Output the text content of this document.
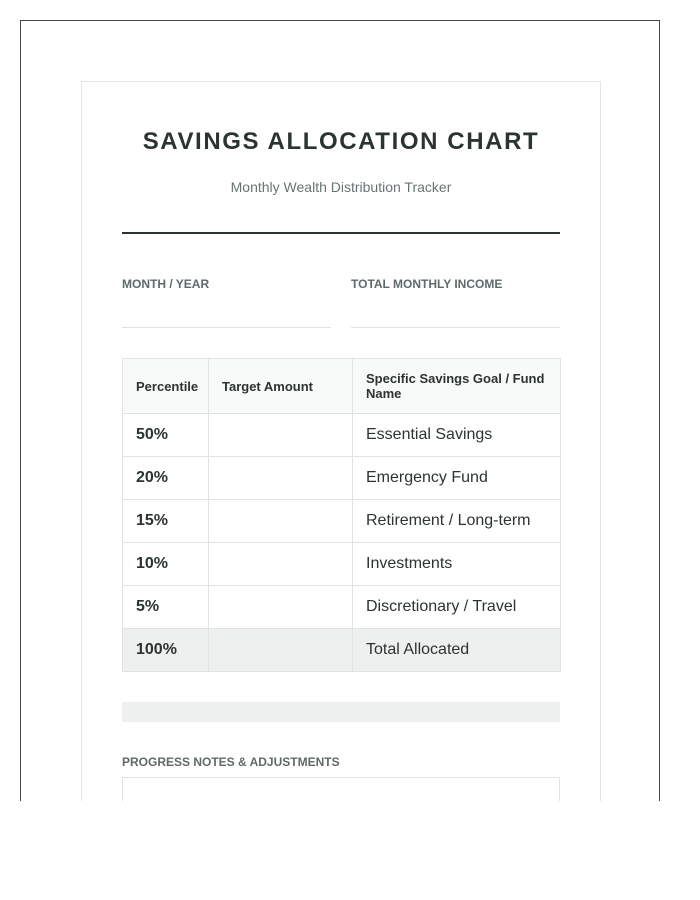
SAVINGS ALLOCATION CHART
Monthly Wealth Distribution Tracker
MONTH / YEAR	TOTAL MONTHLY INCOME
Percentile	Target Amount	Specific Savings Goal / Fund Name
50%		Essential Savings
20%		Emergency Fund
15%		Retirement / Long-term
10%		Investments
5%		Discretionary / Travel
100%		Total Allocated
PROGRESS NOTES & ADJUSTMENTS
